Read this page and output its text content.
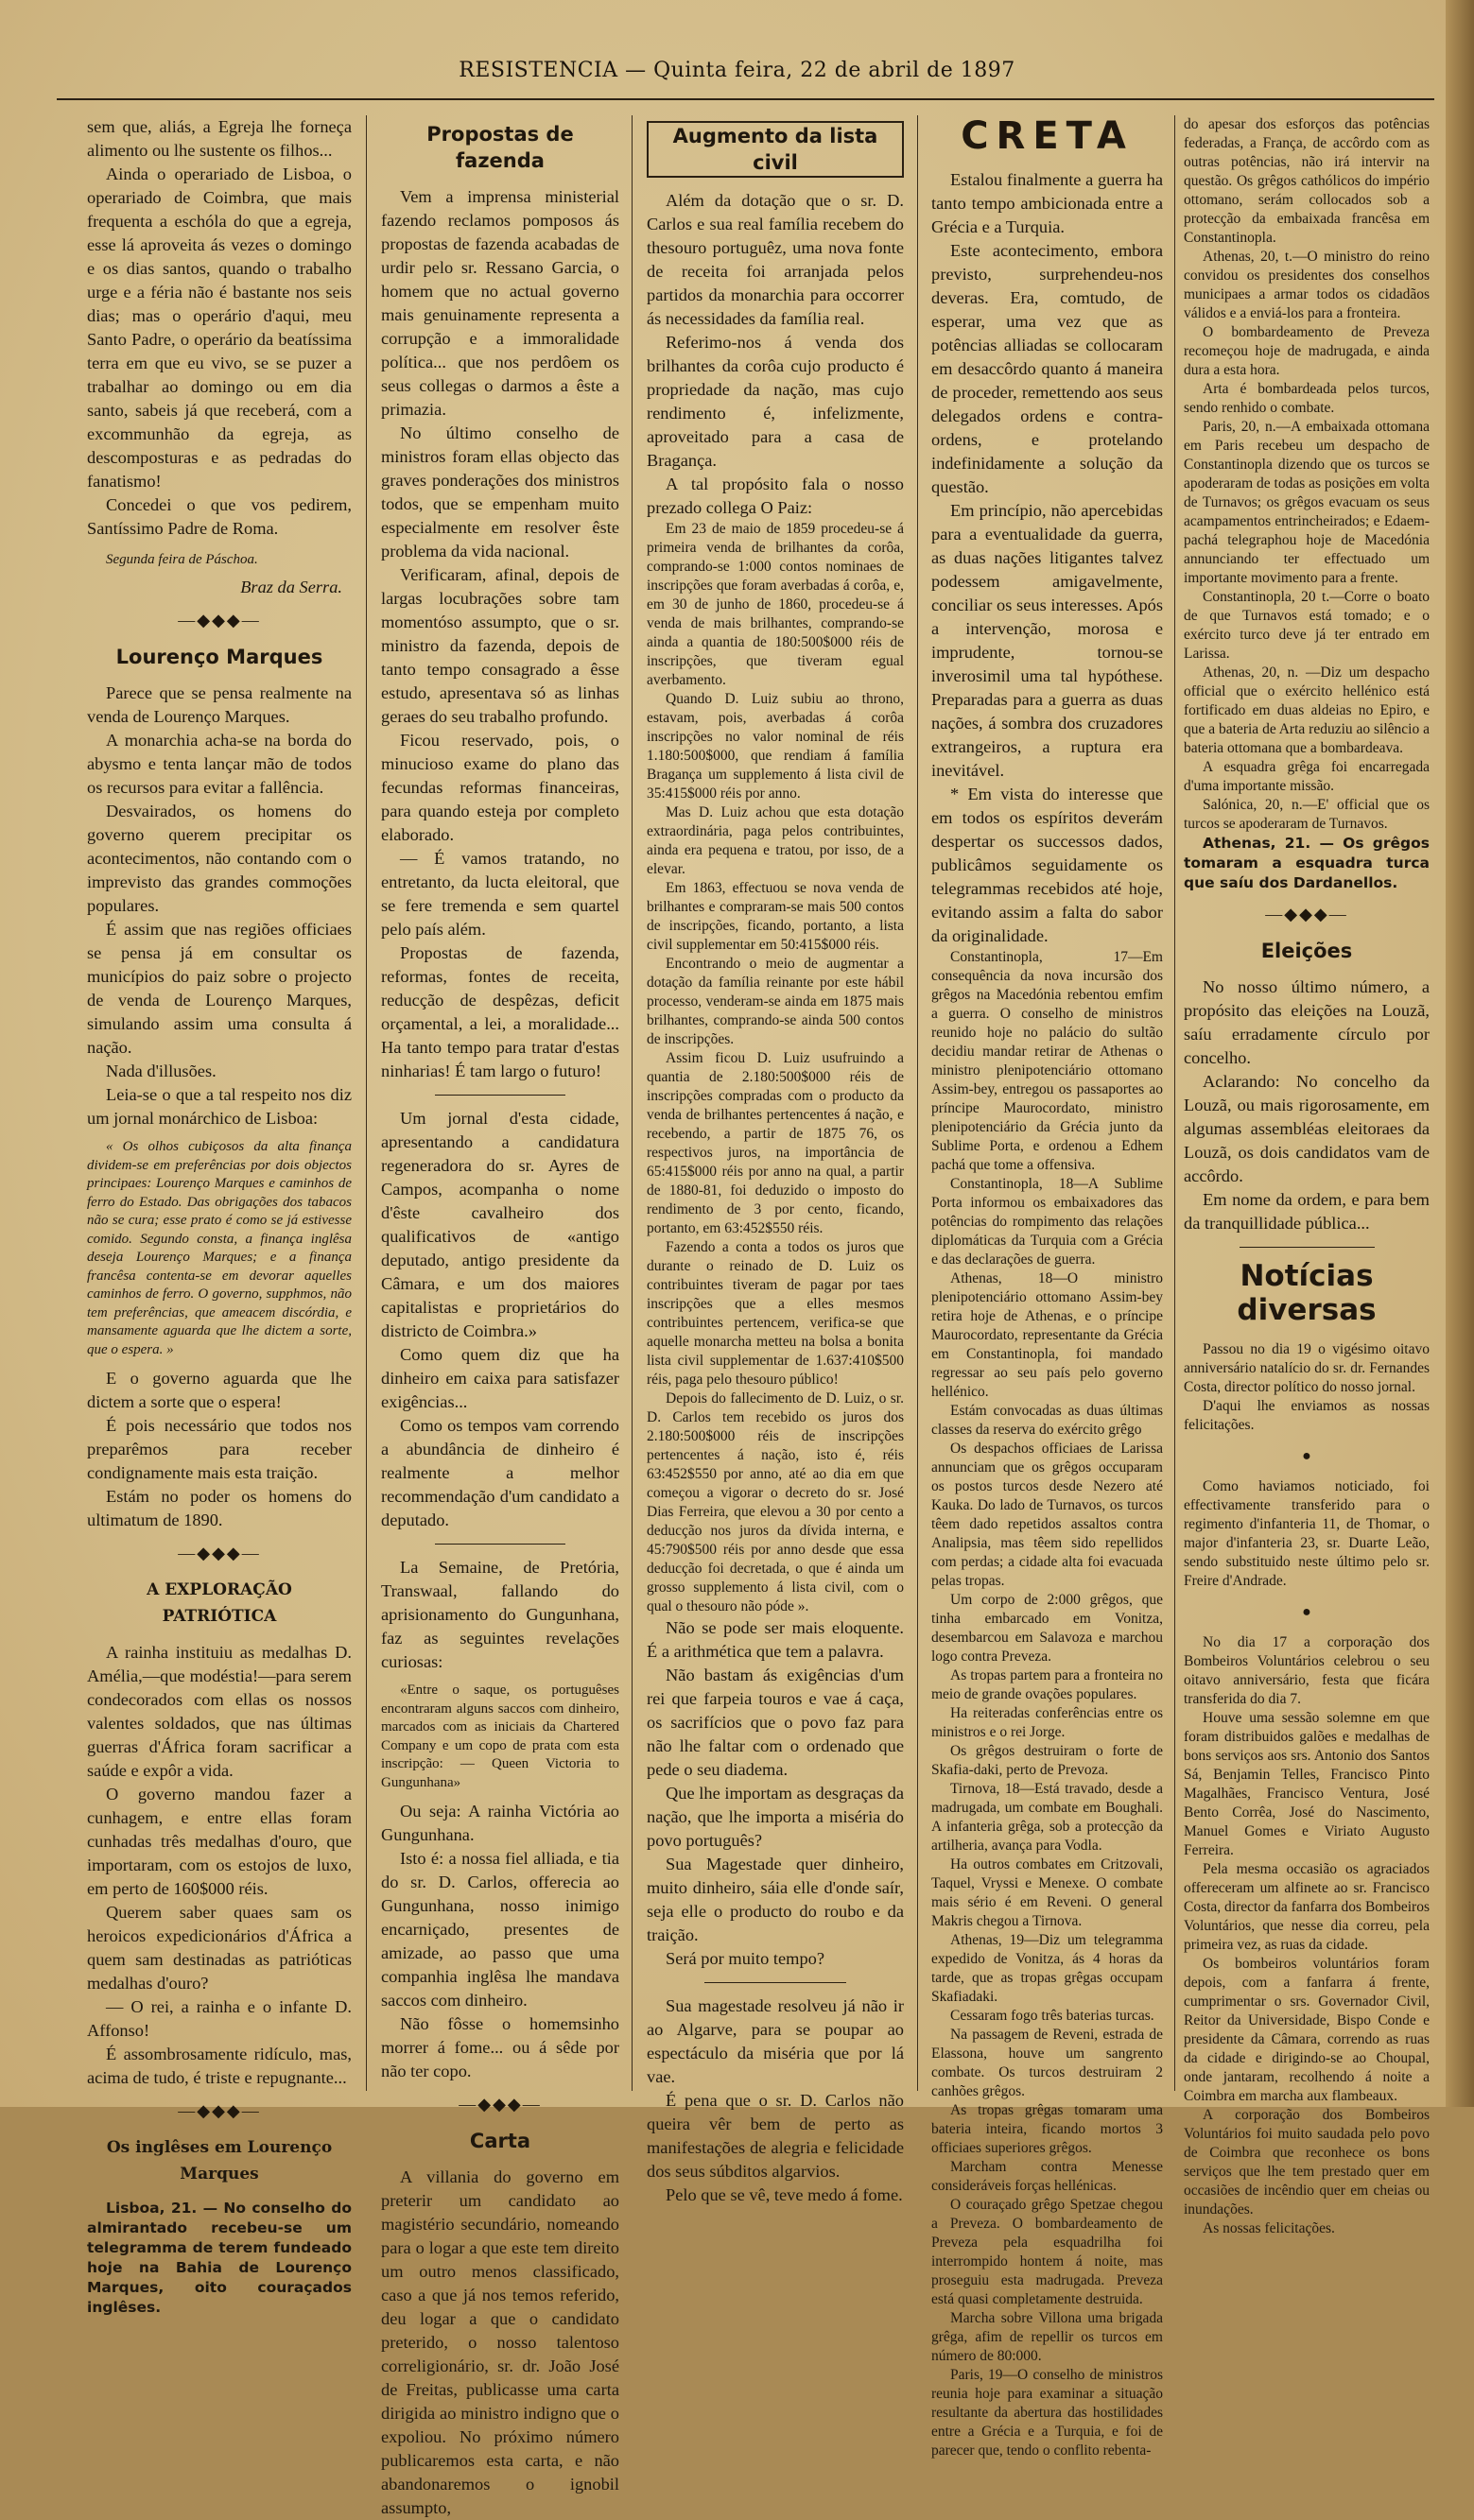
RESISTENCIA — Quinta feira, 22 de abril de 1897

sem que, aliás, a Egreja lhe forneça alimento ou lhe sustente os filhos...

Ainda o operariado de Lisboa, o operariado de Coimbra, que mais frequenta a eschóla do que a egreja, esse lá aproveita ás vezes o domingo e os dias santos, quando o trabalho urge e a féria não é bastante nos seis dias; mas o operário d'aqui, meu Santo Padre, o operário da beatíssima terra em que eu vivo, se se puzer a trabalhar ao domingo ou em dia santo, sabeis já que receberá, com a excommunhão da egreja, as descomposturas e as pedradas do fanatismo!

Concedei o que vos pedirem, Santíssimo Padre de Roma.

Segunda feira de Páschoa.

Braz da Serra.

—◆◆◆—
Lourenço Marques

Parece que se pensa realmente na venda de Lourenço Marques.

A monarchia acha-se na borda do abysmo e tenta lançar mão de todos os recursos para evitar a fallência.

Desvairados, os homens do governo querem precipitar os acontecimentos, não contando com o imprevisto das grandes commoções populares.

É assim que nas regiões officiaes se pensa já em consultar os municípios do paiz sobre o projecto de venda de Lourenço Marques, simulando assim uma consulta á nação.

Nada d'illusões.

Leia-se o que a tal respeito nos diz um jornal monárchico de Lisboa:

« Os olhos cubiçosos da alta finança dividem-se em preferências por dois objectos principaes: Lourenço Marques e caminhos de ferro do Estado. Das obrigações dos tabacos não se cura; esse prato é como se já estivesse comido. Segundo consta, a finança inglêsa deseja Lourenço Marques; e a finança francêsa contenta-se em devorar aquelles caminhos de ferro. O governo, supphmos, não tem preferências, que ameacem discórdia, e mansamente aguarda que lhe dictem a sorte, que o espera. »

E o governo aguarda que lhe dictem a sorte que o espera!

É pois necessário que todos nos preparêmos para receber condignamente mais esta traição.

Estám no poder os homens do ultimatum de 1890.

—◆◆◆—
A EXPLORAÇÃO PATRIÓTICA

A rainha instituiu as medalhas D. Amélia,—que modéstia!—para serem condecorados com ellas os nossos valentes soldados, que nas últimas guerras d'África foram sacrificar a saúde e expôr a vida.

O governo mandou fazer a cunhagem, e entre ellas foram cunhadas três medalhas d'ouro, que importaram, com os estojos de luxo, em perto de 160$000 réis.

Querem saber quaes sam os heroicos expedicionários d'África a quem sam destinadas as patrióticas medalhas d'ouro?

— O rei, a rainha e o infante D. Affonso!

É assombrosamente ridículo, mas, acima de tudo, é triste e repugnante...

—◆◆◆—
Os inglêses em Lourenço Marques

Lisboa, 21. — No conselho do almirantado recebeu-se um telegramma de terem fundeado hoje na Bahia de Lourenço Marques, oito couraçados inglêses.

Propostas de fazenda

Vem a imprensa ministerial fazendo reclamos pomposos ás propostas de fazenda acabadas de urdir pelo sr. Ressano Garcia, o homem que no actual governo mais genuinamente representa a corrupção e a immoralidade política... que nos perdôem os seus collegas o darmos a êste a primazia.

No último conselho de ministros foram ellas objecto das graves ponderações dos ministros todos, que se empenham muito especialmente em resolver êste problema da vida nacional.

Verificaram, afinal, depois de largas locubrações sobre tam momentóso assumpto, que o sr. ministro da fazenda, depois de tanto tempo consagrado a êsse estudo, apresentava só as linhas geraes do seu trabalho profundo.

Ficou reservado, pois, o minucioso exame do plano das fecundas reformas financeiras, para quando esteja por completo elaborado.

— É vamos tratando, no entretanto, da lucta eleitoral, que se fere tremenda e sem quartel pelo país além.

Propostas de fazenda, reformas, fontes de receita, reducção de despêzas, deficit orçamental, a lei, a moralidade... Ha tanto tempo para tratar d'estas ninharias! É tam largo o futuro!

Um jornal d'esta cidade, apresentando a candidatura regeneradora do sr. Ayres de Campos, acompanha o nome d'êste cavalheiro dos qualificativos de «antigo deputado, antigo presidente da Câmara, e um dos maiores capitalistas e proprietários do districto de Coimbra.»

Como quem diz que ha dinheiro em caixa para satisfazer exigências...

Como os tempos vam correndo a abundância de dinheiro é realmente a melhor recommendação d'um candidato a deputado.

La Semaine, de Pretória, Transwaal, fallando do aprisionamento do Gungunhana, faz as seguintes revelações curiosas:

«Entre o saque, os portuguêses encontraram alguns saccos com dinheiro, marcados com as iniciais da Chartered Company e um copo de prata com esta inscripção: — Queen Victoria to Gungunhana»

Ou seja: A rainha Victória ao Gungunhana.

Isto é: a nossa fiel alliada, e tia do sr. D. Carlos, offerecia ao Gungunhana, nosso inimigo encarniçado, presentes de amizade, ao passo que uma companhia inglêsa lhe mandava saccos com dinheiro.

Não fôsse o homemsinho morrer á fome... ou á sêde por não ter copo.

—◆◆◆—
Carta

A villania do governo em preterir um candidato ao magistério secundário, nomeando para o logar a que este tem direito um outro menos classificado, caso a que já nos temos referido, deu logar a que o candidato preterido, o nosso talentoso correligionário, sr. dr. João José de Freitas, publicasse uma carta dirigida ao ministro indigno que o expoliou. No próximo número publicaremos esta carta, e não abandonaremos o ignobil assumpto,

Augmento da lista civil

Além da dotação que o sr. D. Carlos e sua real família recebem do thesouro portuguêz, uma nova fonte de receita foi arranjada pelos partidos da monarchia para occorrer ás necessidades da família real.

Referimo-nos á venda dos brilhantes da corôa cujo producto é propriedade da nação, mas cujo rendimento é, infelizmente, aproveitado para a casa de Bragança.

A tal propósito fala o nosso prezado collega O Paiz:

Em 23 de maio de 1859 procedeu-se á primeira venda de brilhantes da corôa, comprando-se 1:000 contos nominaes de inscripções que foram averbadas á corôa, e, em 30 de junho de 1860, procedeu-se á venda de mais brilhantes, comprando-se ainda a quantia de 180:500$000 réis de inscripções, que tiveram egual averbamento.

Quando D. Luiz subiu ao throno, estavam, pois, averbadas á corôa inscripções no valor nominal de réis 1.180:500$000, que rendiam á família Bragança um supplemento á lista civil de 35:415$000 réis por anno.

Mas D. Luiz achou que esta dotação extraordinária, paga pelos contribuintes, ainda era pequena e tratou, por isso, de a elevar.

Em 1863, effectuou se nova venda de brilhantes e compraram-se mais 500 contos de inscripções, ficando, portanto, a lista civil supplementar em 50:415$000 réis.

Encontrando o meio de augmentar a dotação da família reinante por este hábil processo, venderam-se ainda em 1875 mais brilhantes, comprando-se ainda 500 contos de inscripções.

Assim ficou D. Luiz usufruindo a quantia de 2.180:500$000 réis de inscripções compradas com o producto da venda de brilhantes pertencentes á nação, e recebendo, a partir de 1875 76, os respectivos juros, na importância de 65:415$000 réis por anno na qual, a partir de 1880-81, foi deduzido o imposto do rendimento de 3 por cento, ficando, portanto, em 63:452$550 réis.

Fazendo a conta a todos os juros que durante o reinado de D. Luiz os contribuintes tiveram de pagar por taes inscripções que a elles mesmos contribuintes pertencem, verifica-se que aquelle monarcha metteu na bolsa a bonita lista civil supplementar de 1.637:410$500 réis, paga pelo thesouro público!

Depois do fallecimento de D. Luiz, o sr. D. Carlos tem recebido os juros dos 2.180:500$000 réis de inscripções pertencentes á nação, isto é, réis 63:452$550 por anno, até ao dia em que começou a vigorar o decreto do sr. José Dias Ferreira, que elevou a 30 por cento a deducção nos juros da dívida interna, e 45:790$500 réis por anno desde que essa deducção foi decretada, o que é ainda um grosso supplemento á lista civil, com o qual o thesouro não póde ».

Não se pode ser mais eloquente. É a arithmética que tem a palavra.

Não bastam ás exigências d'um rei que farpeia touros e vae á caça, os sacrifícios que o povo faz para não lhe faltar com o ordenado que pede o seu diadema.

Que lhe importam as desgraças da nação, que lhe importa a miséria do povo português?

Sua Magestade quer dinheiro, muito dinheiro, sáia elle d'onde saír, seja elle o producto do roubo e da traição.

Será por muito tempo?

Sua magestade resolveu já não ir ao Algarve, para se poupar ao espectáculo da miséria que por lá vae.

É pena que o sr. D. Carlos não queira vêr bem de perto as manifestações de alegria e felicidade dos seus súbditos algarvios.

Pelo que se vê, teve medo á fome.

CRETA

Estalou finalmente a guerra ha tanto tempo ambicionada entre a Grécia e a Turquia.

Este acontecimento, embora previsto, surprehendeu-nos deveras. Era, comtudo, de esperar, uma vez que as potências alliadas se collocaram em desaccôrdo quanto á maneira de proceder, remettendo aos seus delegados ordens e contra-ordens, e protelando indefinidamente a solução da questão.

Em princípio, não apercebidas para a eventualidade da guerra, as duas nações litigantes talvez podessem amigavelmente, conciliar os seus interesses. Após a intervenção, morosa e imprudente, tornou-se inverosimil uma tal hypóthese. Preparadas para a guerra as duas nações, á sombra dos cruzadores extrangeiros, a ruptura era inevitável.

* Em vista do interesse que em todos os espíritos deverám despertar os successos dados, publicâmos seguidamente os telegrammas recebidos até hoje, evitando assim a falta do sabor da originalidade.

Constantinopla, 17—Em consequência da nova incursão dos grêgos na Macedónia rebentou emfim a guerra. O conselho de ministros reunido hoje no palácio do sultão decidiu mandar retirar de Athenas o ministro plenipotenciário ottomano Assim-bey, entregou os passaportes ao príncipe Maurocordato, ministro plenipotenciário da Grécia junto da Sublime Porta, e ordenou a Edhem pachá que tome a offensiva.

Constantinopla, 18—A Sublime Porta informou os embaixadores das potências do rompimento das relações diplomáticas da Turquia com a Grécia e das declarações de guerra.

Athenas, 18—O ministro plenipotenciário ottomano Assim-bey retira hoje de Athenas, e o príncipe Maurocordato, representante da Grécia em Constantinopla, foi mandado regressar ao seu país pelo governo hellénico.

Estám convocadas as duas últimas classes da reserva do exército grêgo

Os despachos officiaes de Larissa annunciam que os grêgos occuparam os postos turcos desde Nezero até Kauka. Do lado de Turnavos, os turcos têem dado repetidos assaltos contra Analipsia, mas têem sido repellidos com perdas; a cidade alta foi evacuada pelas tropas.

Um corpo de 2:000 grêgos, que tinha embarcado em Vonitza, desembarcou em Salavoza e marchou logo contra Preveza.

As tropas partem para a fronteira no meio de grande ovações populares.

Ha reiteradas conferências entre os ministros e o rei Jorge.

Os grêgos destruiram o forte de Skafia-daki, perto de Prevoza.

Tirnova, 18—Está travado, desde a madrugada, um combate em Boughali. A infanteria grêga, sob a protecção da artilheria, avança para Vodla.

Ha outros combates em Critzovali, Taquel, Vryssi e Menexe. O combate mais sério é em Reveni. O general Makris chegou a Tirnova.

Athenas, 19—Diz um telegramma expedido de Vonitza, ás 4 horas da tarde, que as tropas grêgas occupam Skafiadaki.

Cessaram fogo três baterias turcas.

Na passagem de Reveni, estrada de Elassona, houve um sangrento combate. Os turcos destruiram 2 canhões grêgos.

As tropas grêgas tomaram uma bateria inteira, ficando mortos 3 officiaes superiores grêgos.

Marcham contra Menesse consideráveis forças hellénicas.

O couraçado grêgo Spetzae chegou a Preveza. O bombardeamento de Preveza pela esquadrilha foi interrompido hontem á noite, mas proseguiu esta madrugada. Preveza está quasi completamente destruida.

Marcha sobre Villona uma brigada grêga, afim de repellir os turcos em número de 80:000.

Paris, 19—O conselho de ministros reunia hoje para examinar a situação resultante da abertura das hostilidades entre a Grécia e a Turquia, e foi de parecer que, tendo o conflito rebenta-

do apesar dos esforços das potências federadas, a França, de accôrdo com as outras potências, não irá intervir na questão. Os grêgos cathólicos do império ottomano, serám collocados sob a protecção da embaixada francêsa em Constantinopla.

Athenas, 20, t.—O ministro do reino convidou os presidentes dos conselhos municipaes a armar todos os cidadãos válidos e a enviá-los para a fronteira.

O bombardeamento de Preveza recomeçou hoje de madrugada, e ainda dura a esta hora.

Arta é bombardeada pelos turcos, sendo renhido o combate.

Paris, 20, n.—A embaixada ottomana em Paris recebeu um despacho de Constantinopla dizendo que os turcos se apoderaram de todas as posições em volta de Turnavos; os grêgos evacuam os seus acampamentos entrincheirados; e Edaem-pachá telegraphou hoje de Macedónia annunciando ter effectuado um importante movimento para a frente.

Constantinopla, 20 t.—Corre o boato de que Turnavos está tomado; e o exército turco deve já ter entrado em Larissa.

Athenas, 20, n. —Diz um despacho official que o exército hellénico está fortificado em duas aldeias no Epiro, e que a bateria de Arta reduziu ao silêncio a bateria ottomana que a bombardeava.

A esquadra grêga foi encarregada d'uma importante missão.

Salónica, 20, n.—E' official que os turcos se apoderaram de Turnavos.

Athenas, 21. — Os grêgos tomaram a esquadra turca que saíu dos Dardanellos.

—◆◆◆—
Eleições

No nosso último número, a propósito das eleições na Louzã, saíu erradamente círculo por concelho.

Aclarando: No concelho da Louzã, ou mais rigorosamente, em algumas assembléas eleitoraes da Louzã, os dois candidatos vam de accôrdo.

Em nome da ordem, e para bem da tranquillidade pública...

Notícias diversas

Passou no dia 19 o vigésimo oitavo anniversário natalício do sr. dr. Fernandes Costa, director político do nosso jornal.

D'aqui lhe enviamos as nossas felicitações.

●

Como haviamos noticiado, foi effectivamente transferido para o regimento d'infanteria 11, de Thomar, o major d'infanteria 23, sr. Duarte Leão, sendo substituido neste último pelo sr. Freire d'Andrade.

●

No dia 17 a corporação dos Bombeiros Voluntários celebrou o seu oitavo anniversário, festa que ficára transferida do dia 7.

Houve uma sessão solemne em que foram distribuidos galões e medalhas de bons serviços aos srs. Antonio dos Santos Sá, Benjamin Telles, Francisco Pinto Magalhães, Francisco Ventura, José Bento Corrêa, José do Nascimento, Manuel Gomes e Viriato Augusto Ferreira.

Pela mesma occasião os agraciados offereceram um alfinete ao sr. Francisco Costa, director da fanfarra dos Bombeiros Voluntários, que nesse dia correu, pela primeira vez, as ruas da cidade.

Os bombeiros voluntários foram depois, com a fanfarra á frente, cumprimentar o srs. Governador Civil, Reitor da Universidade, Bispo Conde e presidente da Câmara, correndo as ruas da cidade e dirigindo-se ao Choupal, onde jantaram, recolhendo á noite a Coimbra em marcha aux flambeaux.

A corporação dos Bombeiros Voluntários foi muito saudada pelo povo de Coimbra que reconhece os bons serviços que lhe tem prestado quer em occasiões de incêndio quer em cheias ou inundações.

As nossas felicitações.
